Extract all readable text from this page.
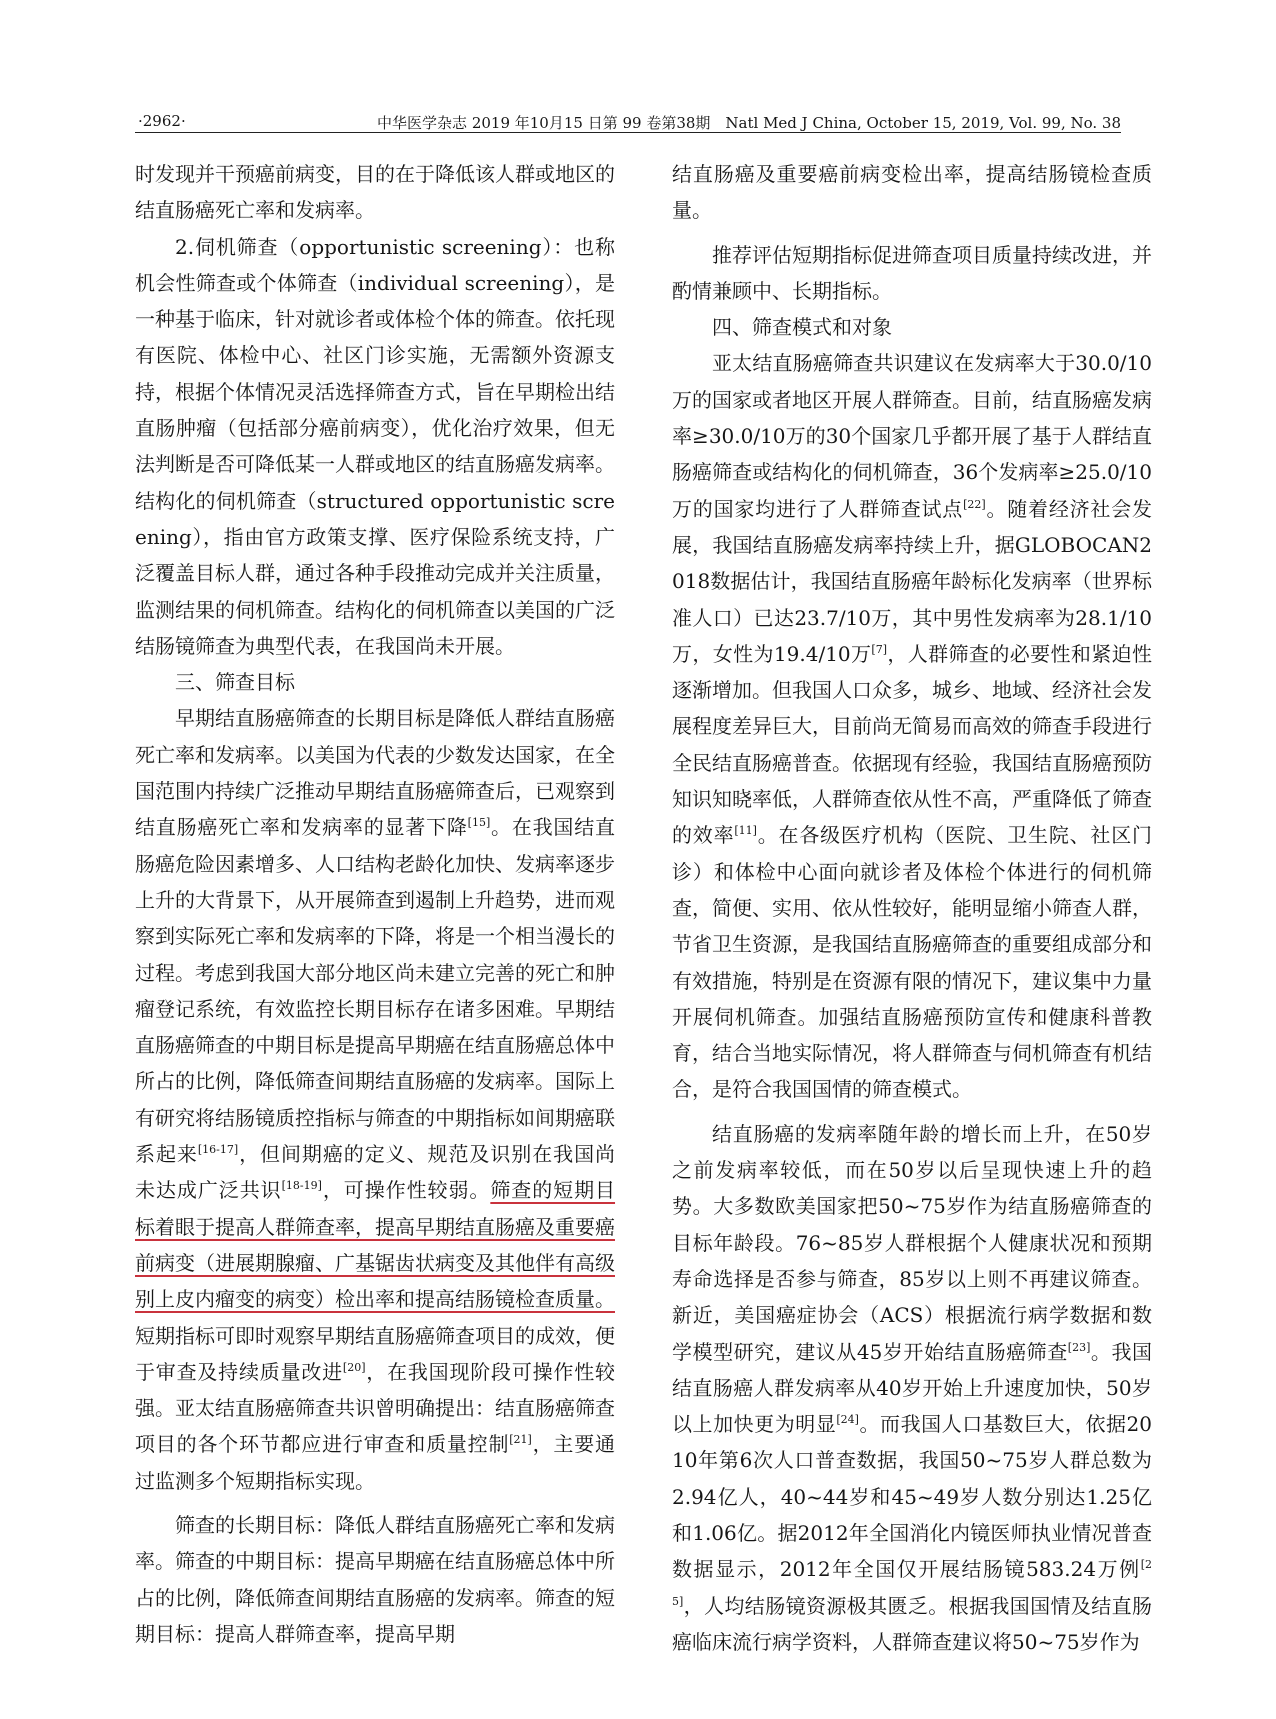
·2962·	中华医学杂志 2019 年10月15 日第 99 卷第38期　Natl Med J China, October 15, 2019, Vol. 99, No. 38

时发现并干预癌前病变，目的在于降低该人群或地区的结直肠癌死亡率和发病率。

2.伺机筛查（opportunistic screening）：也称机会性筛查或个体筛查（individual screening），是一种基于临床，针对就诊者或体检个体的筛查。依托现有医院、体检中心、社区门诊实施，无需额外资源支持，根据个体情况灵活选择筛查方式，旨在早期检出结直肠肿瘤（包括部分癌前病变），优化治疗效果，但无法判断是否可降低某一人群或地区的结直肠癌发病率。结构化的伺机筛查（structured opportunistic screening），指由官方政策支撑、医疗保险系统支持，广泛覆盖目标人群，通过各种手段推动完成并关注质量，监测结果的伺机筛查。结构化的伺机筛查以美国的广泛结肠镜筛查为典型代表，在我国尚未开展。

三、筛查目标

早期结直肠癌筛查的长期目标是降低人群结直肠癌死亡率和发病率。以美国为代表的少数发达国家，在全国范围内持续广泛推动早期结直肠癌筛查后，已观察到结直肠癌死亡率和发病率的显著下降[15]。在我国结直肠癌危险因素增多、人口结构老龄化加快、发病率逐步上升的大背景下，从开展筛查到遏制上升趋势，进而观察到实际死亡率和发病率的下降，将是一个相当漫长的过程。考虑到我国大部分地区尚未建立完善的死亡和肿瘤登记系统，有效监控长期目标存在诸多困难。早期结直肠癌筛查的中期目标是提高早期癌在结直肠癌总体中所占的比例，降低筛查间期结直肠癌的发病率。国际上有研究将结肠镜质控指标与筛查的中期指标如间期癌联系起来[16-17]，但间期癌的定义、规范及识别在我国尚未达成广泛共识[18-19]，可操作性较弱。筛查的短期目标着眼于提高人群筛查率，提高早期结直肠癌及重要癌前病变（进展期腺瘤、广基锯齿状病变及其他伴有高级别上皮内瘤变的病变）检出率和提高结肠镜检查质量。短期指标可即时观察早期结直肠癌筛查项目的成效，便于审查及持续质量改进[20]，在我国现阶段可操作性较强。亚太结直肠癌筛查共识曾明确提出：结直肠癌筛查项目的各个环节都应进行审查和质量控制[21]，主要通过监测多个短期指标实现。

筛查的长期目标：降低人群结直肠癌死亡率和发病率。筛查的中期目标：提高早期癌在结直肠癌总体中所占的比例，降低筛查间期结直肠癌的发病率。筛查的短期目标：提高人群筛查率，提高早期

结直肠癌及重要癌前病变检出率，提高结肠镜检查质量。

推荐评估短期指标促进筛查项目质量持续改进，并酌情兼顾中、长期指标。

四、筛查模式和对象

亚太结直肠癌筛查共识建议在发病率大于30.0/10万的国家或者地区开展人群筛查。目前，结直肠癌发病率≥30.0/10万的30个国家几乎都开展了基于人群结直肠癌筛查或结构化的伺机筛查，36个发病率≥25.0/10万的国家均进行了人群筛查试点[22]。随着经济社会发展，我国结直肠癌发病率持续上升，据GLOBOCAN2018数据估计，我国结直肠癌年龄标化发病率（世界标准人口）已达23.7/10万，其中男性发病率为28.1/10万，女性为19.4/10万[7]，人群筛查的必要性和紧迫性逐渐增加。但我国人口众多，城乡、地域、经济社会发展程度差异巨大，目前尚无简易而高效的筛查手段进行全民结直肠癌普查。依据现有经验，我国结直肠癌预防知识知晓率低，人群筛查依从性不高，严重降低了筛查的效率[11]。在各级医疗机构（医院、卫生院、社区门诊）和体检中心面向就诊者及体检个体进行的伺机筛查，简便、实用、依从性较好，能明显缩小筛查人群，节省卫生资源，是我国结直肠癌筛查的重要组成部分和有效措施，特别是在资源有限的情况下，建议集中力量开展伺机筛查。加强结直肠癌预防宣传和健康科普教育，结合当地实际情况，将人群筛查与伺机筛查有机结合，是符合我国国情的筛查模式。

结直肠癌的发病率随年龄的增长而上升，在50岁之前发病率较低，而在50岁以后呈现快速上升的趋势。大多数欧美国家把50~75岁作为结直肠癌筛查的目标年龄段。76~85岁人群根据个人健康状况和预期寿命选择是否参与筛查，85岁以上则不再建议筛查。新近，美国癌症协会（ACS）根据流行病学数据和数学模型研究，建议从45岁开始结直肠癌筛查[23]。我国结直肠癌人群发病率从40岁开始上升速度加快，50岁以上加快更为明显[24]。而我国人口基数巨大，依据2010年第6次人口普查数据，我国50~75岁人群总数为2.94亿人，40~44岁和45~49岁人数分别达1.25亿和1.06亿。据2012年全国消化内镜医师执业情况普查数据显示，2012年全国仅开展结肠镜583.24万例[25]，人均结肠镜资源极其匮乏。根据我国国情及结直肠癌临床流行病学资料，人群筛查建议将50~75岁作为
